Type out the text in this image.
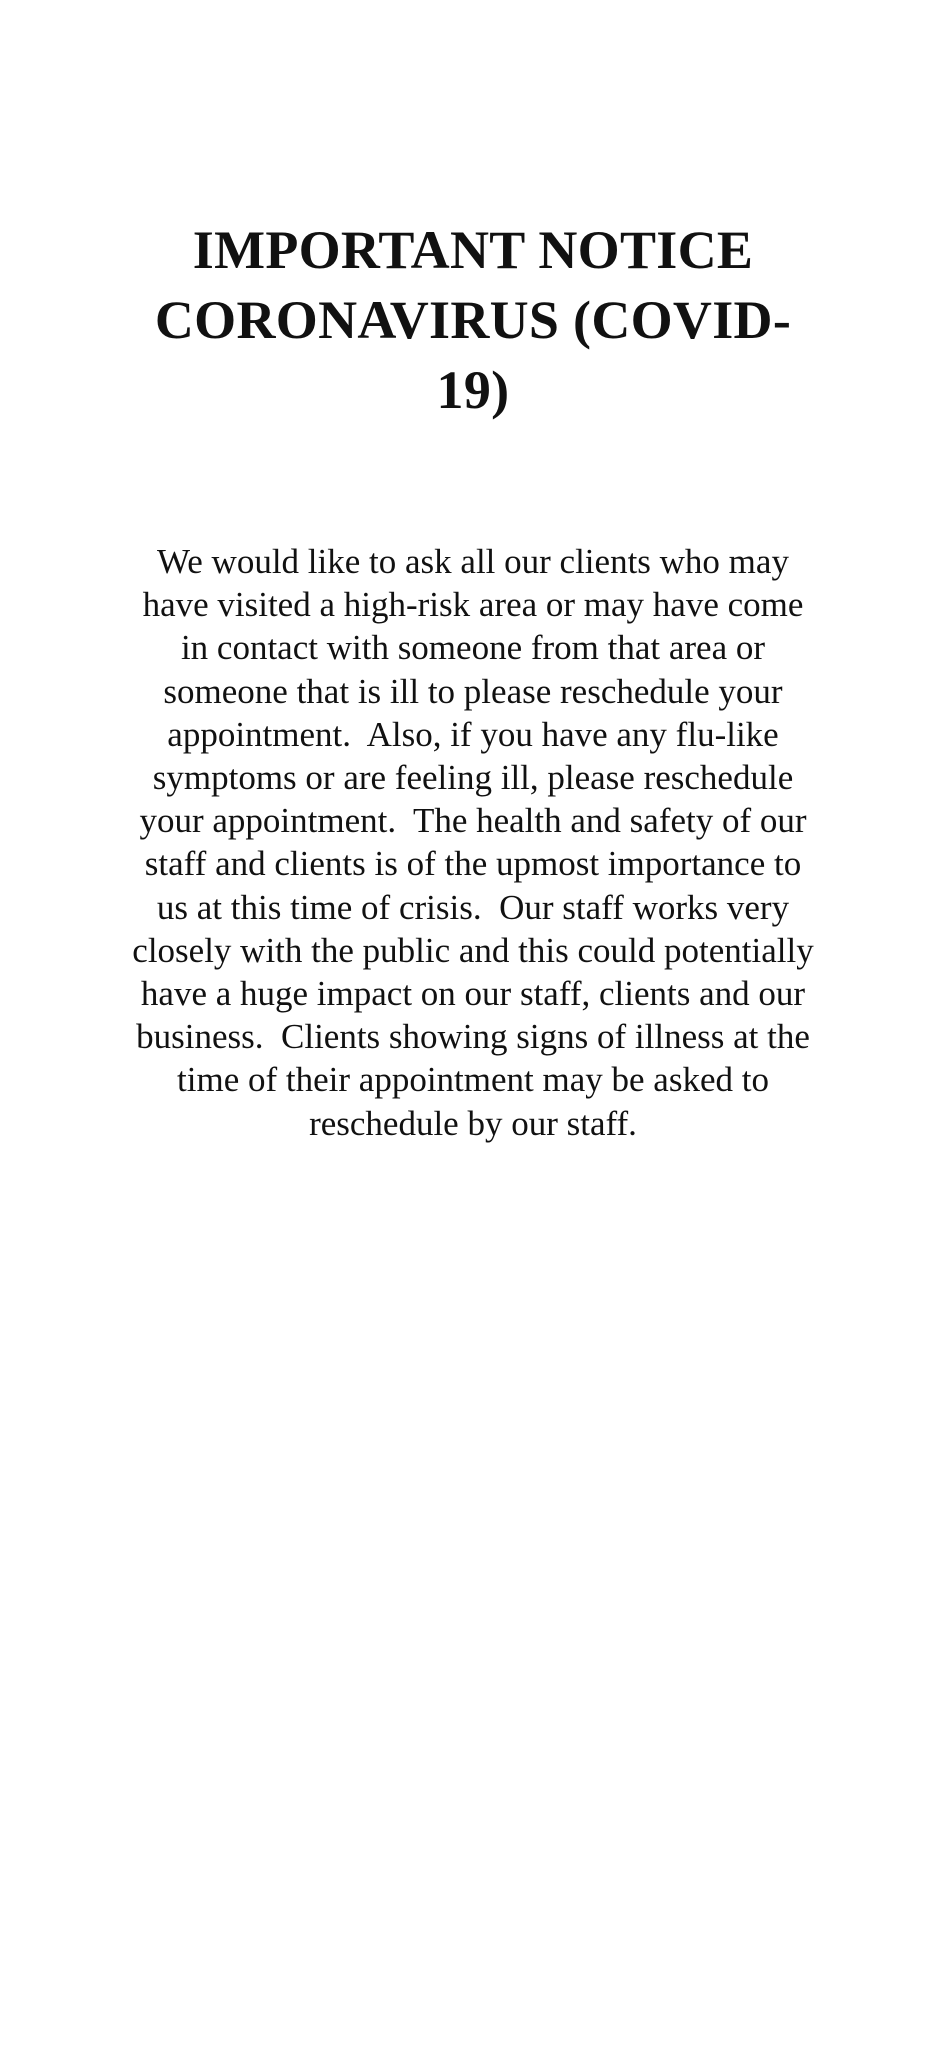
IMPORTANT NOTICE
CORONAVIRUS (COVID-
19)

We would like to ask all our clients who may
have visited a high-risk area or may have come
in contact with someone from that area or
someone that is ill to please reschedule your
appointment.  Also, if you have any flu-like
symptoms or are feeling ill, please reschedule
your appointment.  The health and safety of our
staff and clients is of the upmost importance to
us at this time of crisis.  Our staff works very
closely with the public and this could potentially
have a huge impact on our staff, clients and our
business.  Clients showing signs of illness at the
time of their appointment may be asked to
reschedule by our staff.
